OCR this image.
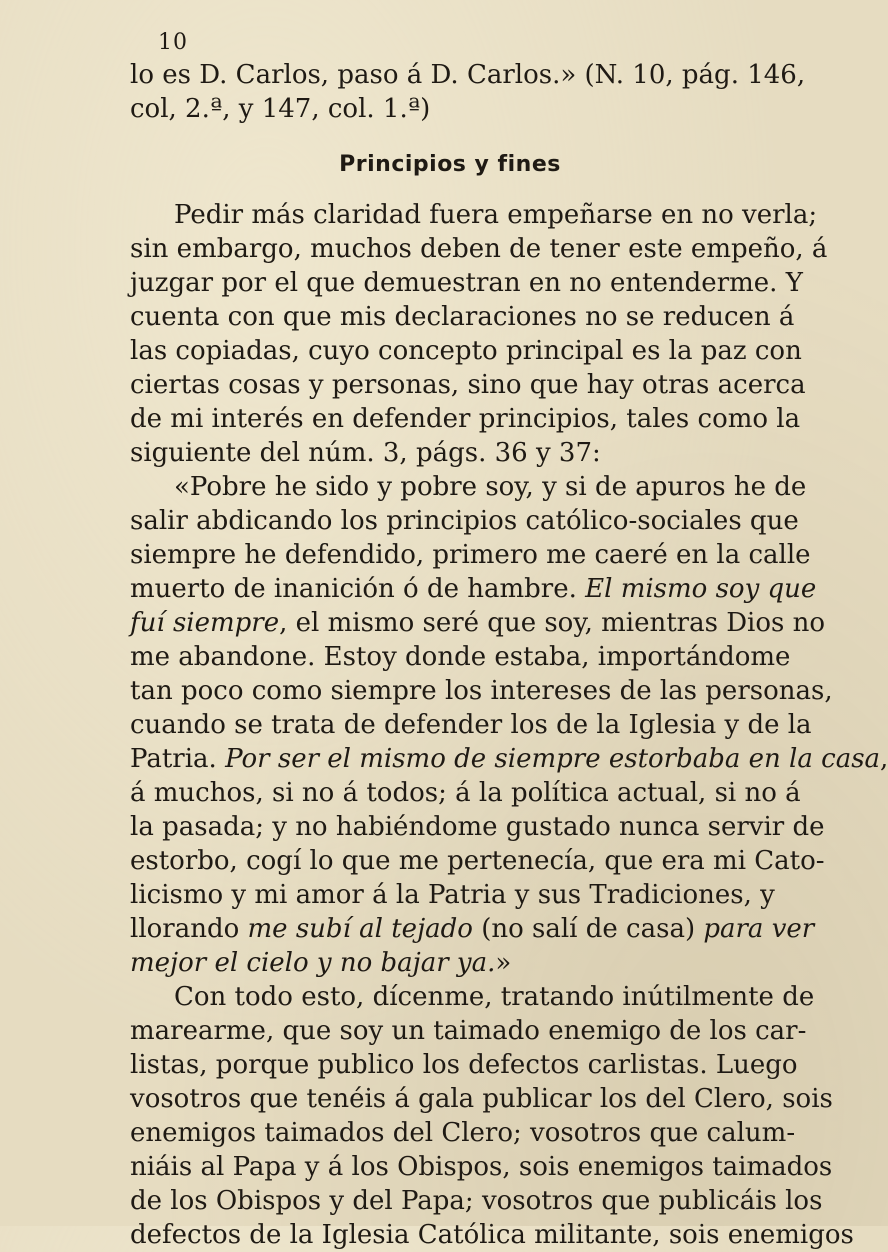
10
lo es D. Carlos, paso á D. Carlos.» (N. 10, pág. 146,
col, 2.ª, y 147, col. 1.ª)
Principios y fines
Pedir más claridad fuera empeñarse en no verla;
sin embargo, muchos deben de tener este empeño, á
juzgar por el que demuestran en no entenderme. Y
cuenta con que mis declaraciones no se reducen á
las copiadas, cuyo concepto principal es la paz con
ciertas cosas y personas, sino que hay otras acerca
de mi interés en defender principios, tales como la
siguiente del núm. 3, págs. 36 y 37:
«Pobre he sido y pobre soy, y si de apuros he de
salir abdicando los principios católico-sociales que
siempre he defendido, primero me caeré en la calle
muerto de inanición ó de hambre. El mismo soy que
fuí siempre, el mismo seré que soy, mientras Dios no
me abandone. Estoy donde estaba, importándome
tan poco como siempre los intereses de las personas,
cuando se trata de defender los de la Iglesia y de la
Patria. Por ser el mismo de siempre estorbaba en la casa,
á muchos, si no á todos; á la política actual, si no á
la pasada; y no habiéndome gustado nunca servir de
estorbo, cogí lo que me pertenecía, que era mi Cato-
licismo y mi amor á la Patria y sus Tradiciones, y
llorando me subí al tejado (no salí de casa) para ver
mejor el cielo y no bajar ya.»
Con todo esto, dícenme, tratando inútilmente de
marearme, que soy un taimado enemigo de los car-
listas, porque publico los defectos carlistas. Luego
vosotros que tenéis á gala publicar los del Clero, sois
enemigos taimados del Clero; vosotros que calum-
niáis al Papa y á los Obispos, sois enemigos taimados
de los Obispos y del Papa; vosotros que publicáis los
defectos de la Iglesia Católica militante, sois enemigos
